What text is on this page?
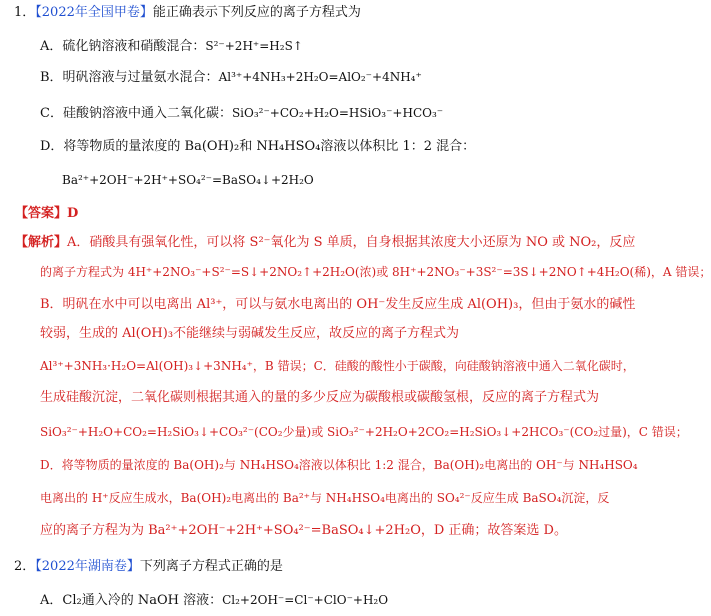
1．【2022年全国甲卷】能正确表示下列反应的离子方程式为
A．硫化钠溶液和硝酸混合：S²⁻+2H⁺=H₂S↑
B．明矾溶液与过量氨水混合：Al³⁺+4NH₃+2H₂O=AlO₂⁻+4NH₄⁺
C．硅酸钠溶液中通入二氧化碳：SiO₃²⁻+CO₂+H₂O=HSiO₃⁻+HCO₃⁻
D．将等物质的量浓度的 Ba(OH)₂和 NH₄HSO₄溶液以体积比 1：2 混合：
Ba²⁺+2OH⁻+2H⁺+SO₄²⁻=BaSO₄↓+2H₂O
【答案】D
【解析】A．硝酸具有强氧化性，可以将 S²⁻氧化为 S 单质，自身根据其浓度大小还原为 NO 或 NO₂，反应
的离子方程式为 4H⁺+2NO₃⁻+S²⁻=S↓+2NO₂↑+2H₂O(浓)或 8H⁺+2NO₃⁻+3S²⁻=3S↓+2NO↑+4H₂O(稀)，A 错误；
B．明矾在水中可以电离出 Al³⁺，可以与氨水电离出的 OH⁻发生反应生成 Al(OH)₃，但由于氨水的碱性
较弱，生成的 Al(OH)₃不能继续与弱碱发生反应，故反应的离子方程式为
Al³⁺+3NH₃·H₂O=Al(OH)₃↓+3NH₄⁺，B 错误；C．硅酸的酸性小于碳酸，向硅酸钠溶液中通入二氧化碳时，
生成硅酸沉淀，二氧化碳则根据其通入的量的多少反应为碳酸根或碳酸氢根，反应的离子方程式为
SiO₃²⁻+H₂O+CO₂=H₂SiO₃↓+CO₃²⁻(CO₂少量)或 SiO₃²⁻+2H₂O+2CO₂=H₂SiO₃↓+2HCO₃⁻(CO₂过量)，C 错误；
D．将等物质的量浓度的 Ba(OH)₂与 NH₄HSO₄溶液以体积比 1:2 混合，Ba(OH)₂电离出的 OH⁻与 NH₄HSO₄
电离出的 H⁺反应生成水，Ba(OH)₂电离出的 Ba²⁺与 NH₄HSO₄电离出的 SO₄²⁻反应生成 BaSO₄沉淀，反
应的离子方程为为 Ba²⁺+2OH⁻+2H⁺+SO₄²⁻=BaSO₄↓+2H₂O，D 正确；故答案选 D。
2．【2022年湖南卷】下列离子方程式正确的是
A．Cl₂通入冷的 NaOH 溶液：Cl₂+2OH⁻=Cl⁻+ClO⁻+H₂O
